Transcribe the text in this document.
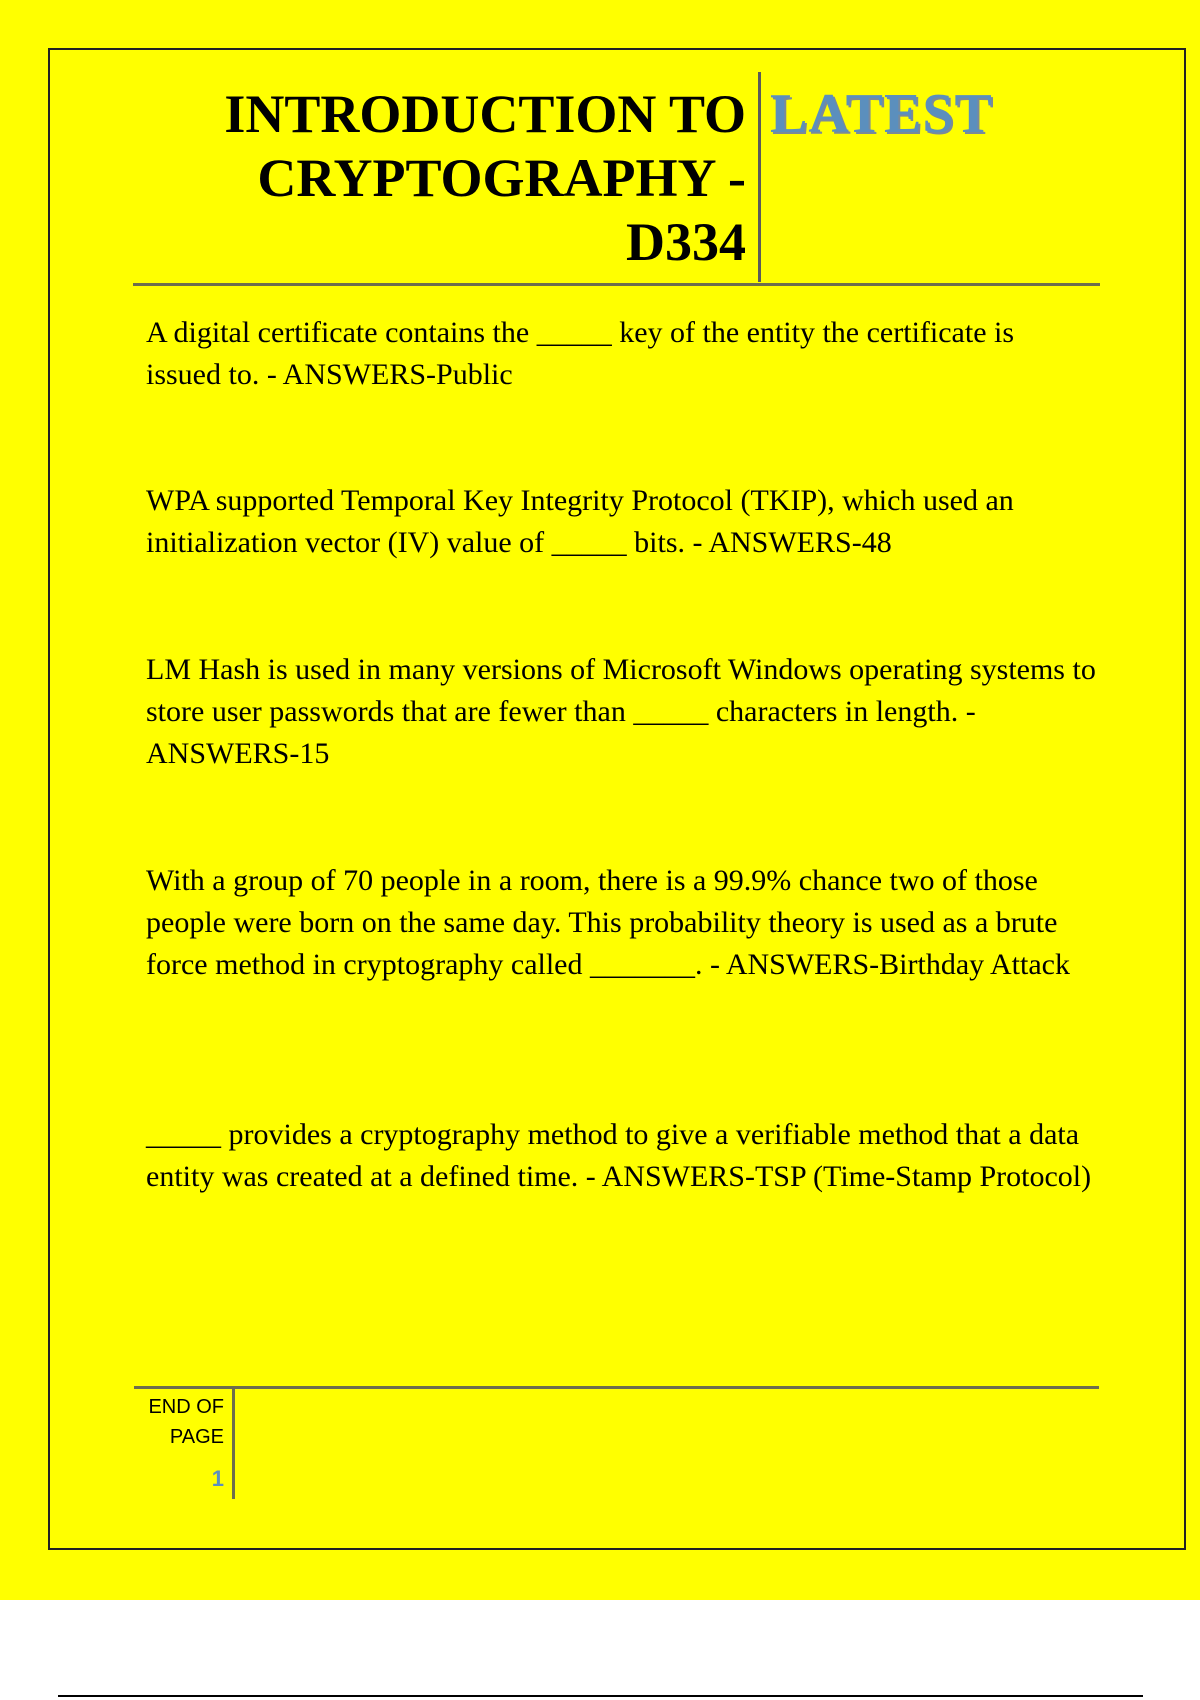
INTRODUCTION TO
CRYPTOGRAPHY -
D334
LATEST

A digital certificate contains the _____ key of the entity the certificate is issued to. - ANSWERS-Public

WPA supported Temporal Key Integrity Protocol (TKIP), which used an initialization vector (IV) value of _____ bits. - ANSWERS-48

LM Hash is used in many versions of Microsoft Windows operating systems to store user passwords that are fewer than _____ characters in length. - ANSWERS-15

With a group of 70 people in a room, there is a 99.9% chance two of those people were born on the same day. This probability theory is used as a brute force method in cryptography called _______. - ANSWERS-Birthday Attack

_____ provides a cryptography method to give a verifiable method that a data entity was created at a defined time. - ANSWERS-TSP (Time-Stamp Protocol)

END OF
PAGE
1
